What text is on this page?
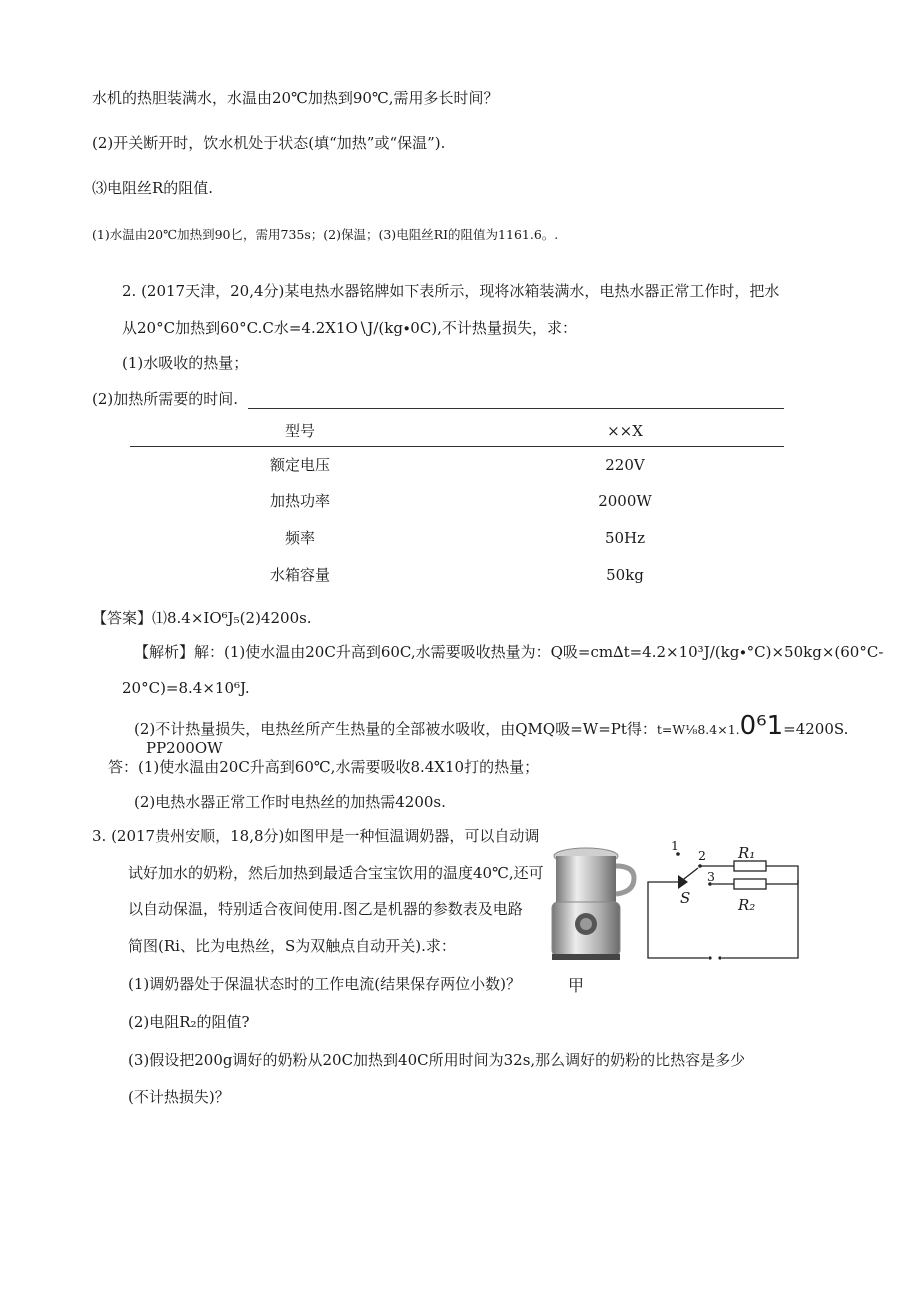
水机的热胆装满水，水温由20℃加热到90℃,需用多长时间？
(2)开关断开时，饮水机处于状态(填“加热”或“保温”).
⑶电阻丝R的阻值.
(1)水温由20℃加热到90匕，需用735s；(2)保温；(3)电阻丝RI的阻值为1161.6。.
2. (2017天津，20,4分)某电热水器铭牌如下表所示，现将冰箱装满水，电热水器正常工作时，把水
从20°C加热到60°C.C水=4.2X1O∖J/(kg∙0C),不计热量损失，求：
(1)水吸收的热量；
(2)加热所需要的时间.
型号	××X
额定电压	220V
加热功率	2000W
频率	50Hz
水箱容量	50kg
【答案】⑴8.4×IO⁶J₅(2)4200s.
【解析】解：(1)使水温由20C升高到60C,水需要吸收热量为：Q吸=cm∆t=4.2×10³J/(kg∙°C)×50kg×(60°C-
20°C)=8.4×10⁶J.
(2)不计热量损失，电热丝所产生热量的全部被水吸收，由QMQ吸=W=Pt得：t=W⅛8.4×1.0⁶1=4200S.
PP200OW
答：(1)使水温由20C升高到60℃,水需要吸收8.4X10打的热量；
(2)电热水器正常工作时电热丝的加热需4200s.
3. (2017贵州安顺，18,8分)如图甲是一种恒温调奶器，可以自动调
试好加水的奶粉，然后加热到最适合宝宝饮用的温度40℃,还可
以自动保温，特别适合夜间使用.图乙是机器的参数表及电路
简图(Ri、比为电热丝，S为双触点自动开关).求：
(1)调奶器处于保温状态时的工作电流(结果保存两位小数)？
(2)电阻R₂的阻值?
(3)假设把200g调好的奶粉从20C加热到40C所用时间为32s,那么调好的奶粉的比热容是多少
(不计热损失)？
甲
1
2
3
S
R₁
R₂
